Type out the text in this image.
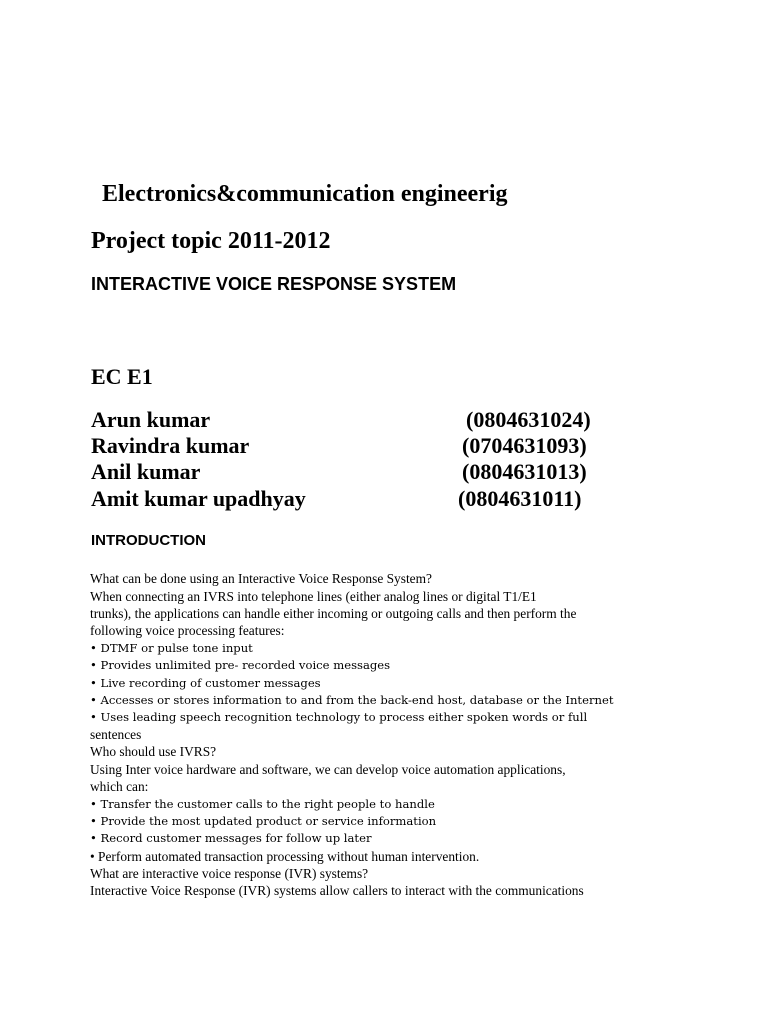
Electronics&communication engineerig
Project topic 2011-2012
INTERACTIVE VOICE RESPONSE SYSTEM
EC E1
Arun kumar	(0804631024)
Ravindra kumar	(0704631093)
Anil kumar	(0804631013)
Amit kumar upadhyay	(0804631011)
INTRODUCTION
What can be done using an Interactive Voice Response System?
When connecting an IVRS into telephone lines (either analog lines or digital T1/E1
trunks), the applications can handle either incoming or outgoing calls and then perform the
following voice processing features:
• DTMF or pulse tone input
• Provides unlimited pre- recorded voice messages
• Live recording of customer messages
• Accesses or stores information to and from the back-end host, database or the Internet
• Uses leading speech recognition technology to process either spoken words or full
sentences
Who should use IVRS?
Using Inter voice hardware and software, we can develop voice automation applications,
which can:
• Transfer the customer calls to the right people to handle
• Provide the most updated product or service information
• Record customer messages for follow up later
• Perform automated transaction processing without human intervention.
What are interactive voice response (IVR) systems?
Interactive Voice Response (IVR) systems allow callers to interact with the communications
